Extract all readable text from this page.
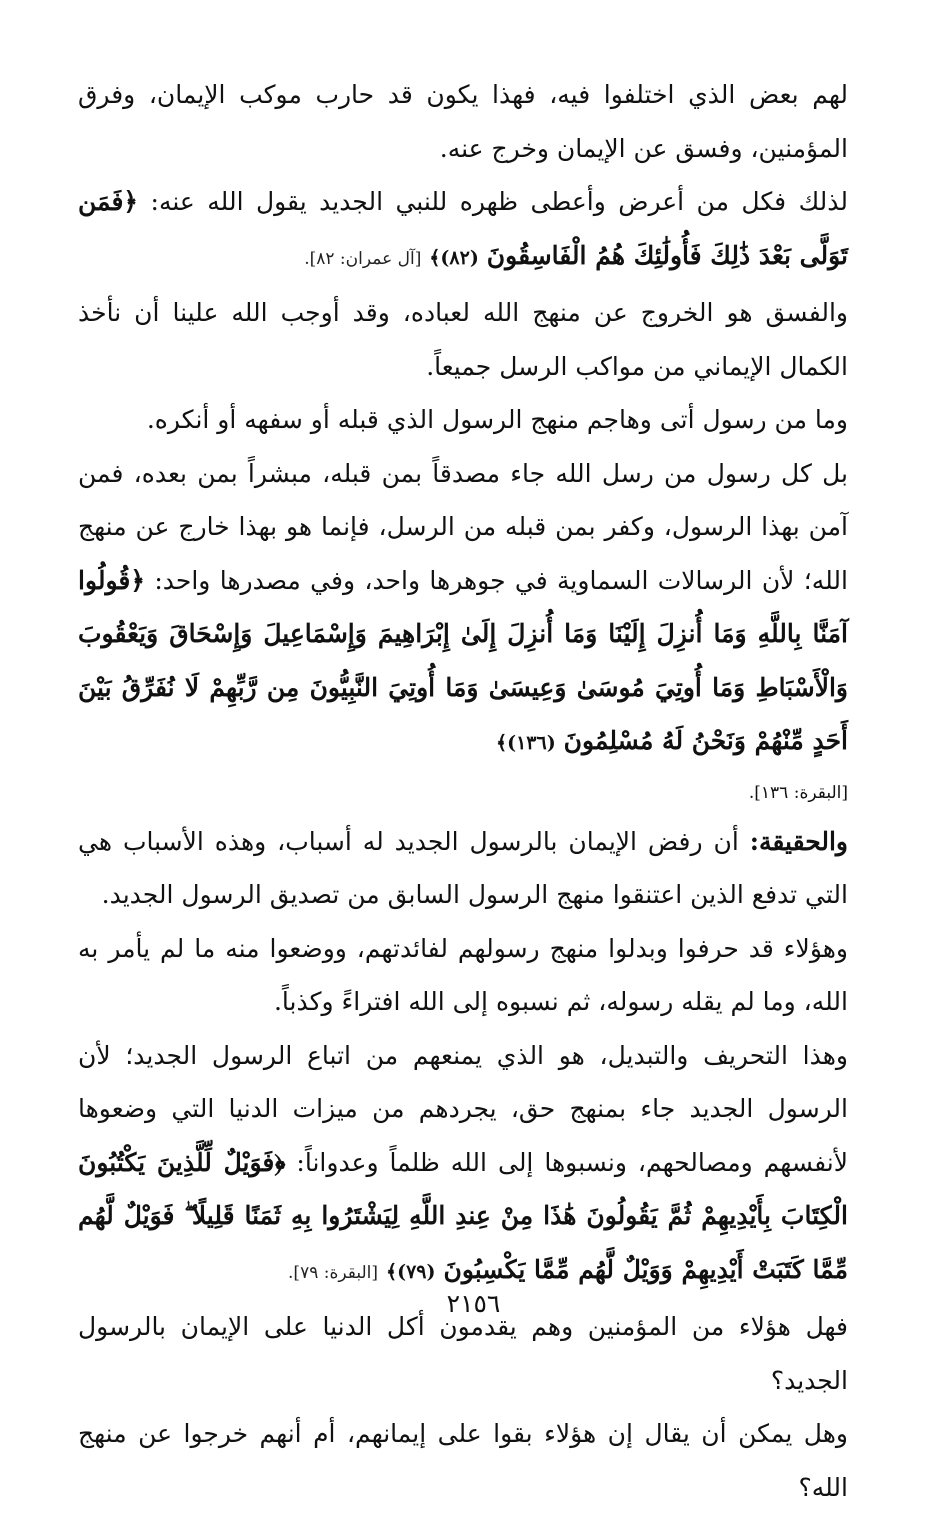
لهم بعض الذي اختلفوا فيه، فهذا يكون قد حارب موكب الإيمان، وفرق المؤمنين، وفسق عن الإيمان وخرج عنه.

لذلك فكل من أعرض وأعطى ظهره للنبي الجديد يقول الله عنه: ﴿فَمَن تَوَلَّى بَعْدَ ذَٰلِكَ فَأُولَٰئِكَ هُمُ الْفَاسِقُونَ (٨٢)﴾ [آل عمران: ٨٢].

والفسق هو الخروج عن منهج الله لعباده، وقد أوجب الله علينا أن نأخذ الكمال الإيماني من مواكب الرسل جميعاً.

وما من رسول أتى وهاجم منهج الرسول الذي قبله أو سفهه أو أنكره.

بل كل رسول من رسل الله جاء مصدقاً بمن قبله، مبشراً بمن بعده، فمن آمن بهذا الرسول، وكفر بمن قبله من الرسل، فإنما هو بهذا خارج عن منهج الله؛ لأن الرسالات السماوية في جوهرها واحد، وفي مصدرها واحد: ﴿قُولُوا آمَنَّا بِاللَّهِ وَمَا أُنزِلَ إِلَيْنَا وَمَا أُنزِلَ إِلَىٰ إِبْرَاهِيمَ وَإِسْمَاعِيلَ وَإِسْحَاقَ وَيَعْقُوبَ وَالْأَسْبَاطِ وَمَا أُوتِيَ مُوسَىٰ وَعِيسَىٰ وَمَا أُوتِيَ النَّبِيُّونَ مِن رَّبِّهِمْ لَا نُفَرِّقُ بَيْنَ أَحَدٍ مِّنْهُمْ وَنَحْنُ لَهُ مُسْلِمُونَ (١٣٦)﴾

[البقرة: ١٣٦].

والحقيقة: أن رفض الإيمان بالرسول الجديد له أسباب، وهذه الأسباب هي التي تدفع الذين اعتنقوا منهج الرسول السابق من تصديق الرسول الجديد.

وهؤلاء قد حرفوا وبدلوا منهج رسولهم لفائدتهم، ووضعوا منه ما لم يأمر به الله، وما لم يقله رسوله، ثم نسبوه إلى الله افتراءً وكذباً.

وهذا التحريف والتبديل، هو الذي يمنعهم من اتباع الرسول الجديد؛ لأن الرسول الجديد جاء بمنهج حق، يجردهم من ميزات الدنيا التي وضعوها لأنفسهم ومصالحهم، ونسبوها إلى الله ظلماً وعدواناً: ﴿فَوَيْلٌ لِّلَّذِينَ يَكْتُبُونَ الْكِتَابَ بِأَيْدِيهِمْ ثُمَّ يَقُولُونَ هَٰذَا مِنْ عِندِ اللَّهِ لِيَشْتَرُوا بِهِ ثَمَنًا قَلِيلًا ۖ فَوَيْلٌ لَّهُم مِّمَّا كَتَبَتْ أَيْدِيهِمْ وَوَيْلٌ لَّهُم مِّمَّا يَكْسِبُونَ (٧٩)﴾ [البقرة: ٧٩].

فهل هؤلاء من المؤمنين وهم يقدمون أكل الدنيا على الإيمان بالرسول الجديد؟

وهل يمكن أن يقال إن هؤلاء بقوا على إيمانهم، أم أنهم خرجوا عن منهج الله؟

٢١٥٦
